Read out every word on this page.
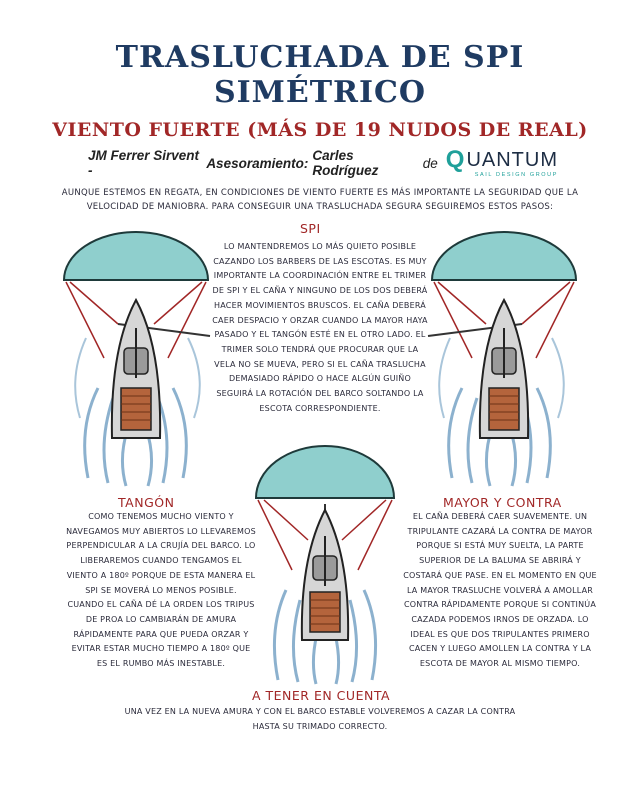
TRASLUCHADA DE SPI
SIMÉTRICO
VIENTO FUERTE (MÁS DE 19 NUDOS DE REAL)
JM Ferrer Sirvent -	Asesoramiento: Carles Rodríguez	de Q UANTUM
SAIL DESIGN GROUP
AUNQUE ESTEMOS EN REGATA, EN CONDICIONES DE VIENTO FUERTE ES MÁS IMPORTANTE LA SEGURIDAD QUE LA VELOCIDAD DE MANIOBRA. PARA CONSEGUIR UNA TRASLUCHADA SEGURA SEGUIREMOS ESTOS PASOS:
SPI
LO MANTENDREMOS LO MÁS QUIETO POSIBLE CAZANDO LOS BARBERS DE LAS ESCOTAS. ES MUY IMPORTANTE LA COORDINACIÓN ENTRE EL TRIMER DE SPI Y EL CAÑA Y NINGUNO DE LOS DOS DEBERÁ HACER MOVIMIENTOS BRUSCOS. EL CAÑA DEBERÁ CAER DESPACIO Y ORZAR CUANDO LA MAYOR HAYA PASADO Y EL TANGÓN ESTÉ EN EL OTRO LADO. EL TRIMER SOLO TENDRÁ QUE PROCURAR QUE LA VELA NO SE MUEVA, PERO SI EL CAÑA TRASLUCHA DEMASIADO RÁPIDO O HACE ALGÚN GUIÑO SEGUIRÁ LA ROTACIÓN DEL BARCO SOLTANDO LA ESCOTA CORRESPONDIENTE.
TANGÓN
COMO TENEMOS MUCHO VIENTO Y NAVEGAMOS MUY ABIERTOS LO LLEVAREMOS PERPENDICULAR A LA CRUJÍA DEL BARCO. LO LIBERAREMOS CUANDO TENGAMOS EL VIENTO A 180º PORQUE DE ESTA MANERA EL SPI SE MOVERÁ LO MENOS POSIBLE. CUANDO EL CAÑA DÉ LA ORDEN LOS TRIPUS DE PROA LO CAMBIARÁN DE AMURA RÁPIDAMENTE PARA QUE PUEDA ORZAR Y EVITAR ESTAR MUCHO TIEMPO A 180º QUE ES EL RUMBO MÁS INESTABLE.
MAYOR Y CONTRA
EL CAÑA DEBERÁ CAER SUAVEMENTE. UN TRIPULANTE CAZARÁ LA CONTRA DE MAYOR PORQUE SI ESTÁ MUY SUELTA, LA PARTE SUPERIOR DE LA BALUMA SE ABRIRÁ Y COSTARÁ QUE PASE. EN EL MOMENTO EN QUE LA MAYOR TRASLUCHE VOLVERÁ A AMOLLAR CONTRA RÁPIDAMENTE PORQUE SI CONTINÚA CAZADA PODEMOS IRNOS DE ORZADA. LO IDEAL ES QUE DOS TRIPULANTES PRIMERO CACEN Y LUEGO AMOLLEN LA CONTRA Y LA ESCOTA DE MAYOR AL MISMO TIEMPO.
A TENER EN CUENTA
UNA VEZ EN LA NUEVA AMURA Y CON EL BARCO ESTABLE VOLVEREMOS A CAZAR LA CONTRA HASTA SU TRIMADO CORRECTO.
